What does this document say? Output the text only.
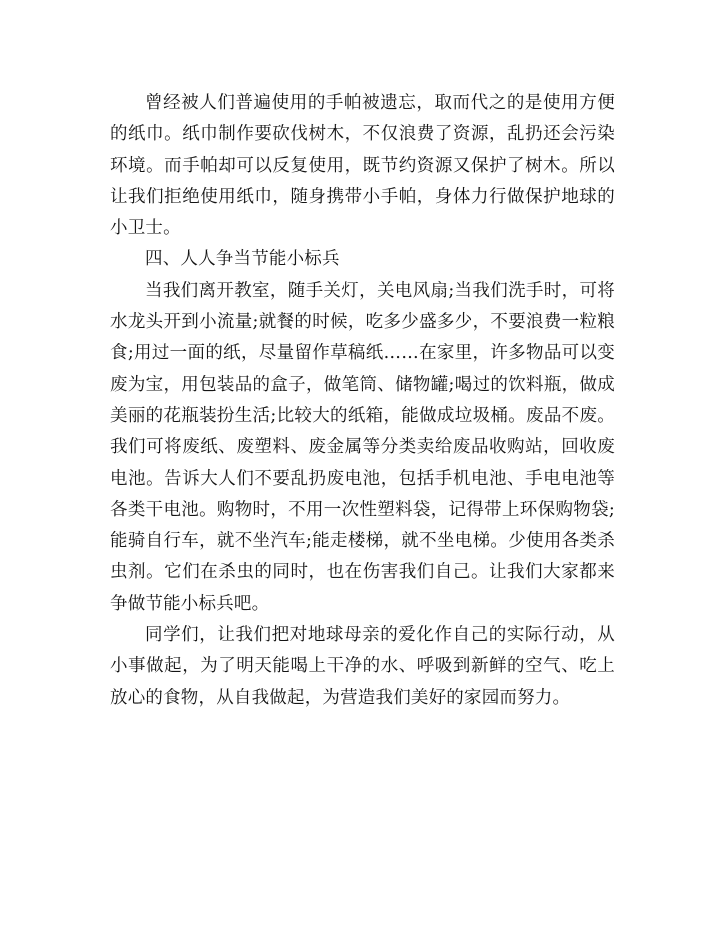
曾经被人们普遍使用的手帕被遗忘，取而代之的是使用方便的纸巾。纸巾制作要砍伐树木，不仅浪费了资源，乱扔还会污染环境。而手帕却可以反复使用，既节约资源又保护了树木。所以让我们拒绝使用纸巾，随身携带小手帕，身体力行做保护地球的小卫士。

四、人人争当节能小标兵

当我们离开教室，随手关灯，关电风扇;当我们洗手时，可将水龙头开到小流量;就餐的时候，吃多少盛多少，不要浪费一粒粮食;用过一面的纸，尽量留作草稿纸……在家里，许多物品可以变废为宝，用包装品的盒子，做笔筒、储物罐;喝过的饮料瓶，做成美丽的花瓶装扮生活;比较大的纸箱，能做成垃圾桶。废品不废。我们可将废纸、废塑料、废金属等分类卖给废品收购站，回收废电池。告诉大人们不要乱扔废电池，包括手机电池、手电电池等各类干电池。购物时，不用一次性塑料袋，记得带上环保购物袋;能骑自行车，就不坐汽车;能走楼梯，就不坐电梯。少使用各类杀虫剂。它们在杀虫的同时，也在伤害我们自己。让我们大家都来争做节能小标兵吧。

同学们，让我们把对地球母亲的爱化作自己的实际行动，从小事做起，为了明天能喝上干净的水、呼吸到新鲜的空气、吃上放心的食物，从自我做起，为营造我们美好的家园而努力。
